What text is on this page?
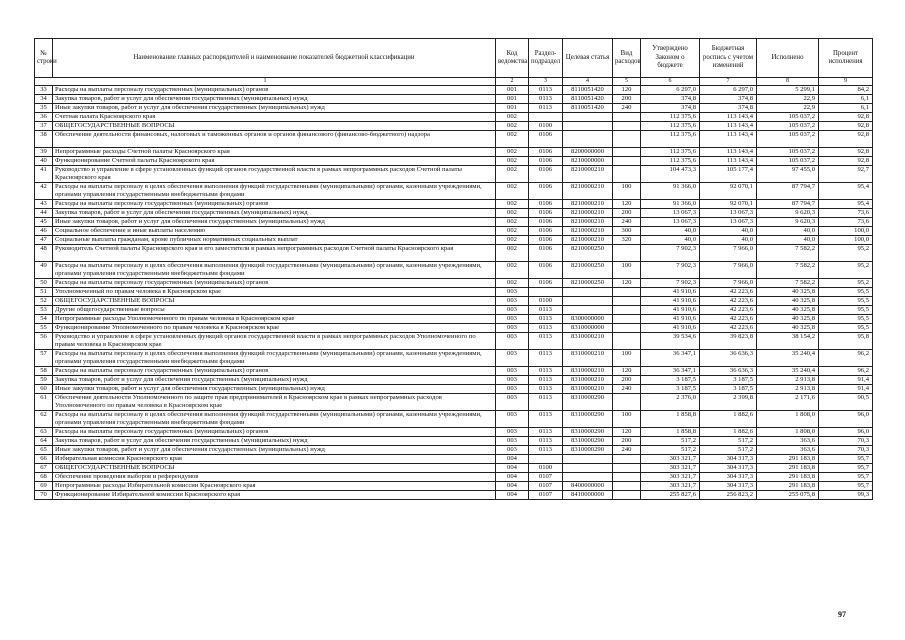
№ строки	Наименование главных распорядителей и наименование показателей бюджетной классификации	Код ведомства	Раздел-подраздел	Целевая статья	Вид расходов	Утверждено Законом о бюджете	Бюджетная роспись с учетом изменений	Исполнено	Процент исполнения
1		2	3	4	5	6	7	8	9
33	Расходы на выплаты персоналу государственных (муниципальных) органов	001	0113	8110051420	120	6 297,0	6 297,0	5 299,1	84,2
34	Закупка товаров, работ и услуг для обеспечения государственных (муниципальных) нужд	001	0113	8110051420	200	374,8	374,8	22,9	6,1
35	Иные закупки товаров, работ и услуг для обеспечения государственных (муниципальных) нужд	001	0113	8110051420	240	374,8	374,8	22,9	6,1
36	Счетная палата Красноярского края	002				112 375,6	113 143,4	105 037,2	92,8
37	ОБЩЕГОСУДАРСТВЕННЫЕ ВОПРОСЫ	002	0100			112 375,6	113 143,4	105 037,2	92,8
38	Обеспечение деятельности финансовых, налоговых и таможенных органов и органов финансового (финансово-бюджетного) надзора	002	0106			112 375,6	113 143,4	105 037,2	92,8
39	Непрограммные расходы Счетной палаты Красноярского края	002	0106	8200000000		112 375,6	113 143,4	105 037,2	92,8
40	Функционирование Счетной палаты Красноярского края	002	0106	8210000000		112 375,6	113 143,4	105 037,2	92,8
41	Руководство и управление в сфере установленных функций органов государственной власти в рамках непрограммных расходов Счетной палаты Красноярского края	002	0106	8210000210		104 473,3	105 177,4	97 455,0	92,7
42	Расходы на выплаты персоналу в целях обеспечения выполнения функций государственными (муниципальными) органами, казенными учреждениями, органами управления государственными внебюджетными фондами	002	0106	8210000210	100	91 366,0	92 070,1	87 794,7	95,4
43	Расходы на выплаты персоналу государственных (муниципальных) органов	002	0106	8210000210	120	91 366,0	92 070,1	87 794,7	95,4
44	Закупка товаров, работ и услуг для обеспечения государственных (муниципальных) нужд	002	0106	8210000210	200	13 067,3	13 067,3	9 620,3	73,6
45	Иные закупки товаров, работ и услуг для обеспечения государственных (муниципальных) нужд	002	0106	8210000210	240	13 067,3	13 067,3	9 620,3	73,6
46	Социальное обеспечение и иные выплаты населению	002	0106	8210000210	300	40,0	40,0	40,0	100,0
47	Социальные выплаты гражданам, кроме публичных нормативных социальных выплат	002	0106	8210000210	320	40,0	40,0	40,0	100,0
48	Руководитель Счетной палаты Красноярского края и его заместители в рамках непрограммных расходов Счетной палаты Красноярского края	002	0106	8210000250		7 902,3	7 966,0	7 582,2	95,2
49	Расходы на выплаты персоналу в целях обеспечения выполнения функций государственными (муниципальными) органами, казенными учреждениями, органами управления государственными внебюджетными фондами	002	0106	8210000250	100	7 902,3	7 966,0	7 582,2	95,2
50	Расходы на выплаты персоналу государственных (муниципальных) органов	002	0106	8210000250	120	7 902,3	7 966,0	7 582,2	95,2
51	Уполномоченный по правам человека в Красноярском крае	003				41 910,6	42 223,6	40 325,8	95,5
52	ОБЩЕГОСУДАРСТВЕННЫЕ ВОПРОСЫ	003	0100			41 910,6	42 223,6	40 325,8	95,5
53	Другие общегосударственные вопросы	003	0113			41 910,6	42 223,6	40 325,8	95,5
54	Непрограммные расходы Уполномоченного по правам человека в Красноярском крае	003	0113	8300000000		41 910,6	42 223,6	40 325,8	95,5
55	Функционирование Уполномоченного по правам человека в Красноярском крае	003	0113	8310000000		41 910,6	42 223,6	40 325,8	95,5
56	Руководство и управление в сфере установленных функций органов государственной власти в рамках непрограммных расходов Уполномоченного по правам человека в Красноярском крае	003	0113	8310000210		39 534,6	39 823,8	38 154,2	95,8
57	Расходы на выплаты персоналу в целях обеспечения выполнения функций государственными (муниципальными) органами, казенными учреждениями, органами управления государственными внебюджетными фондами	003	0113	8310000210	100	36 347,1	36 636,3	35 240,4	96,2
58	Расходы на выплаты персоналу государственных (муниципальных) органов	003	0113	8310000210	120	36 347,1	36 636,3	35 240,4	96,2
59	Закупка товаров, работ и услуг для обеспечения государственных (муниципальных) нужд	003	0113	8310000210	200	3 187,5	3 187,5	2 913,8	91,4
60	Иные закупки товаров, работ и услуг для обеспечения государственных (муниципальных) нужд	003	0113	8310000210	240	3 187,5	3 187,5	2 913,8	91,4
61	Обеспечение деятельности Уполномоченного по защите прав предпринимателей в Красноярском крае в рамках непрограммных расходов Уполномоченного по правам человека в Красноярском крае	003	0113	8310000290		2 376,0	2 399,8	2 171,6	90,5
62	Расходы на выплаты персоналу в целях обеспечения выполнения функций государственными (муниципальными) органами, казенными учреждениями, органами управления государственными внебюджетными фондами	003	0113	8310000290	100	1 858,8	1 882,6	1 808,0	96,0
63	Расходы на выплаты персоналу государственных (муниципальных) органов	003	0113	8310000290	120	1 858,8	1 882,6	1 808,0	96,0
64	Закупка товаров, работ и услуг для обеспечения государственных (муниципальных) нужд	003	0113	8310000290	200	517,2	517,2	363,6	70,3
65	Иные закупки товаров, работ и услуг для обеспечения государственных (муниципальных) нужд	003	0113	8310000290	240	517,2	517,2	363,6	70,3
66	Избирательная комиссия Красноярского края	004				303 321,7	304 317,3	291 183,8	95,7
67	ОБЩЕГОСУДАРСТВЕННЫЕ ВОПРОСЫ	004	0100			303 321,7	304 317,3	291 183,8	95,7
68	Обеспечение проведения выборов и референдумов	004	0107			303 321,7	304 317,3	291 183,8	95,7
69	Непрограммные расходы Избирательной комиссии Красноярского края	004	0107	8400000000		303 321,7	304 317,3	291 183,8	95,7
70	Функционирование Избирательной комиссии Красноярского края	004	0107	8410000000		255 827,6	256 823,2	255 075,8	99,3
97
